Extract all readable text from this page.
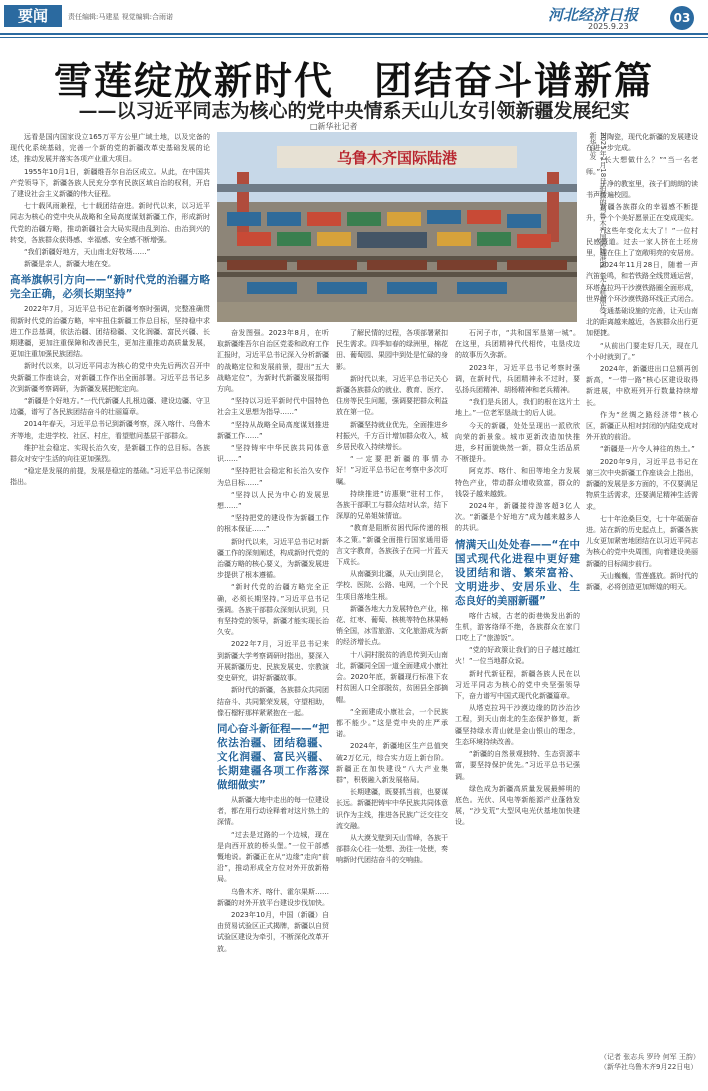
要闻	责任编辑:马建星 视觉编辑:合雨诺	河北经济日报
2025.9.23
03
雪莲绽放新时代　团结奋斗谱新篇
——以习近平同志为核心的党中央情系天山儿女引领新疆发展纪实
□新华社记者
乌鲁木齐国际陆港	2025年1月18日拍摄的乌鲁木齐国际陆港区（无人机照片）。新华社发

远看是国内国家设立165万平方公里广域土地，以及完备的现代化系统基础，完善一个新的党的新疆改革史基础发展的论述，推动发展并落实各项产业重大项目。

1955年10月1日，新疆维吾尔自治区成立。从此，在中国共产党领导下，新疆各族人民充分享有民族区域自治的权利，开启了建设社会主义新疆的伟大征程。

七十载风雨兼程，七十载团结奋进。新时代以来，以习近平同志为核心的党中央从战略和全局高度谋划新疆工作，形成新时代党的治疆方略，推动新疆社会大局实现由乱到治、由治到兴的转变，各族群众获得感、幸福感、安全感不断增强。

“我们新疆好地方，天山南北好牧场……”

新疆是亲人，新疆大地在变。

高举旗帜引方向——“新时代党的治疆方略完全正确，必须长期坚持”

2022年7月，习近平总书记在新疆考察时强调，完整准确贯彻新时代党的治疆方略，牢牢扭住新疆工作总目标，坚持稳中求进工作总基调，依法治疆、团结稳疆、文化润疆、富民兴疆、长期建疆，更加注重保障和改善民生，更加注重推动高质量发展，更加注重加强民族团结。

新时代以来，以习近平同志为核心的党中央先后两次召开中央新疆工作座谈会，对新疆工作作出全面部署。习近平总书记多次到新疆考察调研，为新疆发展把舵定向。

“新疆是个好地方。”一代代新疆人扎根边疆、建设边疆、守卫边疆，谱写了各民族团结奋斗的壮丽篇章。

2014年春天，习近平总书记到新疆考察，深入喀什、乌鲁木齐等地，走进学校、社区、村庄，看望慰问基层干部群众。

维护社会稳定、实现长治久安，是新疆工作的总目标。各族群众对安宁生活的向往更加强烈。

“稳定是发展的前提，发展是稳定的基础。”习近平总书记深刻指出。

奋发图强。2023年8月，在听取新疆维吾尔自治区党委和政府工作汇报时，习近平总书记深入分析新疆的战略定位和发展前景，提出“五大战略定位”，为新时代新疆发展指明方向。

“坚持以习近平新时代中国特色社会主义思想为指导……”

“坚持从战略全局高度谋划推进新疆工作……”

“坚持铸牢中华民族共同体意识……”

“坚持把社会稳定和长治久安作为总目标……”

“坚持以人民为中心的发展思想……”

“坚持把党的建设作为新疆工作的根本保证……”

新时代以来，习近平总书记对新疆工作的深刻阐述，构成新时代党的治疆方略的核心要义，为新疆发展进步提供了根本遵循。

“新时代党的治疆方略完全正确，必须长期坚持。”习近平总书记强调。各族干部群众深刻认识到，只有坚持党的领导，新疆才能实现长治久安。

2022年7月，习近平总书记来到新疆大学考察调研时指出，要深入开展新疆历史、民族发展史、宗教演变史研究，讲好新疆故事。

新时代的新疆，各族群众共同团结奋斗、共同繁荣发展，守望相助，像石榴籽那样紧紧抱在一起。

同心奋斗新征程——“把依法治疆、团结稳疆、文化润疆、富民兴疆、长期建疆各项工作落深做细做实”

从新疆大地中走出的每一位建设者，都在用行动诠释着对这片热土的深情。

“过去是过路的一个边城，现在是向西开放的桥头堡。”一位干部感慨地说。新疆正在从“边缘”走向“前沿”，推动形成全方位对外开放新格局。

乌鲁木齐、喀什、霍尔果斯……新疆的对外开放平台建设步伐加快。

2023年10月，中国（新疆）自由贸易试验区正式揭牌，新疆以自贸试验区建设为牵引，不断深化改革开放。

了解民情的过程，各项部署紧扣民生需求。四季如春的绿洲里，棉花田、葡萄园、果园中到处是忙碌的身影。

新时代以来，习近平总书记关心新疆各族群众的就业、教育、医疗、住房等民生问题，强调要把群众利益放在第一位。

新疆坚持就业优先，全面推进乡村振兴，千方百计增加群众收入，城乡居民收入持续增长。

“一定要把新疆的事情办好！”习近平总书记在考察中多次叮嘱。

持续推进“访惠聚”驻村工作，各族干部职工与群众结对认亲，结下深厚的兄弟姐妹情谊。

“教育是阻断贫困代际传递的根本之策。”新疆全面推行国家通用语言文字教育，各族孩子在同一片蓝天下成长。

从南疆到北疆，从天山到昆仑，学校、医院、公路、电网，一个个民生项目落地生根。

新疆各地大力发展特色产业，棉花、红枣、葡萄、核桃等特色林果畅销全国，冰雪旅游、文化旅游成为新的经济增长点。

十八洞村脱贫的消息传到天山南北，新疆同全国一道全面建成小康社会。2020年底，新疆现行标准下农村贫困人口全部脱贫，贫困县全部摘帽。

“全面建成小康社会，一个民族都不能少。”这是党中央的庄严承诺。

2024年，新疆地区生产总值突破2万亿元，综合实力迈上新台阶。新疆正在加快建设“八大产业集群”，积极融入新发展格局。

长期建疆，既要抓当前，也要谋长远。新疆把铸牢中华民族共同体意识作为主线，推进各民族广泛交往交流交融。

从大漠戈壁到天山雪峰，各族干部群众心往一处想、劲往一处使，奏响新时代团结奋斗的交响曲。

石河子市，“共和国军垦第一城”。在这里，兵团精神代代相传，屯垦戍边的故事历久弥新。

2023年，习近平总书记考察时强调，在新时代，兵团精神永不过时，要弘扬兵团精神、胡杨精神和老兵精神。

“我们是兵团人，我们的根在这片土地上。”一位老军垦战士的后人说。

今天的新疆，处处呈现出一派欣欣向荣的新景象。城市更新改造加快推进，乡村面貌焕然一新，群众生活品质不断提升。

阿克苏、喀什、和田等地全力发展特色产业，带动群众增收致富，群众的钱袋子越来越鼓。

2024年，新疆接待游客超3亿人次。“新疆是个好地方”成为越来越多人的共识。

情满天山处处春——“在中国式现代化进程中更好建设团结和谐、繁荣富裕、文明进步、安居乐业、生态良好的美丽新疆”

喀什古城，古老的街巷焕发出新的生机，游客络绎不绝，各族群众在家门口吃上了“旅游饭”。

“党的好政策让我们的日子越过越红火！”一位当地群众说。

新时代新征程，新疆各族人民在以习近平同志为核心的党中央坚强领导下，奋力谱写中国式现代化新疆篇章。

从塔克拉玛干沙漠边缘的防沙治沙工程，到天山南北的生态保护修复，新疆坚持绿水青山就是金山银山的理念，生态环境持续改善。

“新疆的自然景观独特、生态资源丰富，要坚持保护优先。”习近平总书记强调。

绿色成为新疆高质量发展最鲜明的底色。光伏、风电等新能源产业蓬勃发展，“沙戈荒”大型风电光伏基地加快建设。

声陶瓷，现代化新疆的发展建设在进一步完成。

“长大想做什么？”“当一名老师。”

干净的教室里，孩子们朗朗的读书声传遍校园。

新疆各族群众的幸福感不断提升，一个个美好愿景正在变成现实。

“这些年变化太大了！”一位村民感慨道。过去一家人挤在土坯房里，现在住上了宽敞明亮的安居房。

2024年11月28日，随着一声汽笛长鸣，和若铁路全线贯通运营，环塔克拉玛干沙漠铁路圈全面形成，世界首个环沙漠铁路环线正式闭合。

交通基础设施的完善，让天山南北的距离越来越近，各族群众出行更加便捷。

“从前出门要走好几天，现在几个小时就到了。”

2024年，新疆进出口总额再创新高，“一带一路”核心区建设取得新进展，中欧班列开行数量持续增长。

作为“丝绸之路经济带”核心区，新疆正从相对封闭的内陆变成对外开放的前沿。

“新疆是一片令人神往的热土。”

2020年9月，习近平总书记在第三次中央新疆工作座谈会上指出，新疆的发展是多方面的，不仅要满足物质生活需求，还要满足精神生活需求。

七十年沧桑巨变，七十年砥砺奋进。站在新的历史起点上，新疆各族儿女更加紧密地团结在以习近平同志为核心的党中央周围，向着建设美丽新疆的目标阔步前行。

天山巍巍，雪莲盛放。新时代的新疆，必将创造更加辉煌的明天。

（记者 张志兵 罗玲 何军 王韵）
（新华社乌鲁木齐9月22日电）
